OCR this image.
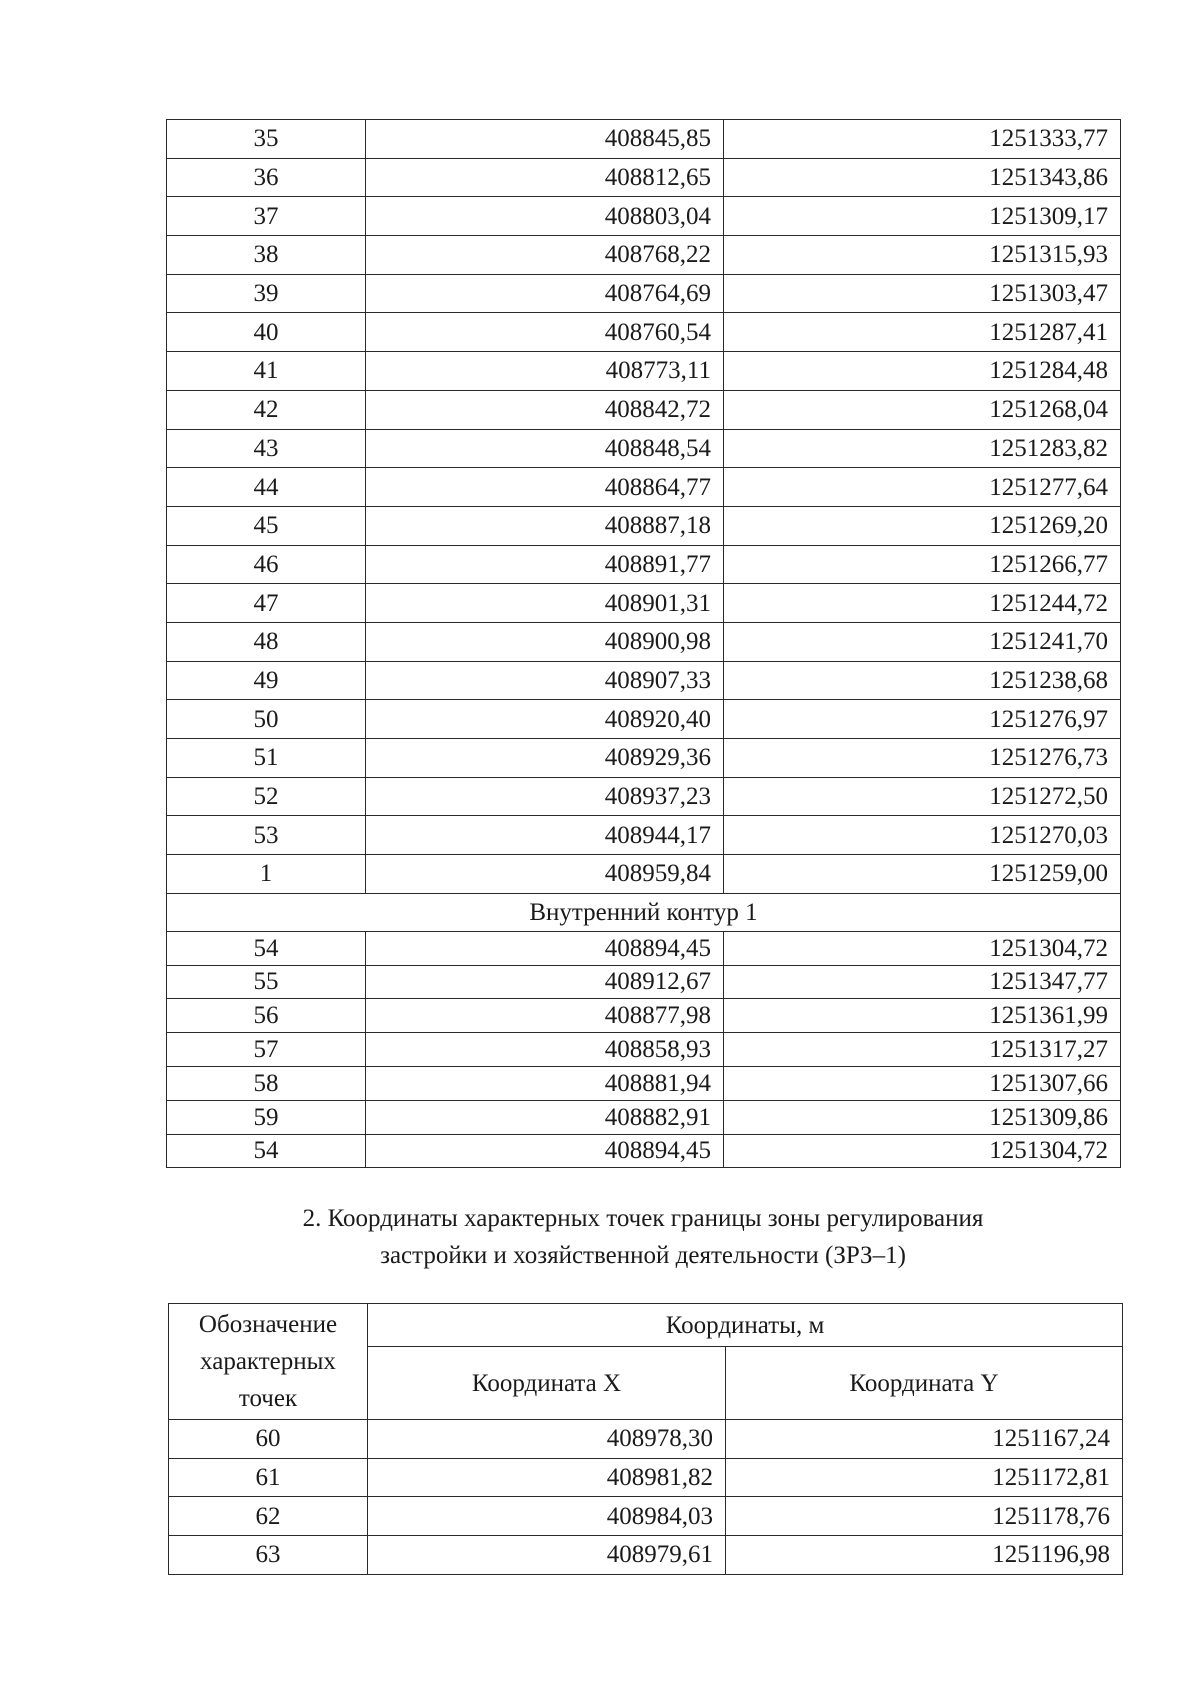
35	408845,85	1251333,77
36	408812,65	1251343,86
37	408803,04	1251309,17
38	408768,22	1251315,93
39	408764,69	1251303,47
40	408760,54	1251287,41
41	408773,11	1251284,48
42	408842,72	1251268,04
43	408848,54	1251283,82
44	408864,77	1251277,64
45	408887,18	1251269,20
46	408891,77	1251266,77
47	408901,31	1251244,72
48	408900,98	1251241,70
49	408907,33	1251238,68
50	408920,40	1251276,97
51	408929,36	1251276,73
52	408937,23	1251272,50
53	408944,17	1251270,03
1	408959,84	1251259,00
Внутренний контур 1		
54	408894,45	1251304,72
55	408912,67	1251347,77
56	408877,98	1251361,99
57	408858,93	1251317,27
58	408881,94	1251307,66
59	408882,91	1251309,86
54	408894,45	1251304,72
2. Координаты характерных точек границы зоны регулирования
застройки и хозяйственной деятельности (ЗРЗ–1)
Обозначение
характерных
точек	Координаты, м	
	Координата X	Координата Y
60	408978,30	1251167,24
61	408981,82	1251172,81
62	408984,03	1251178,76
63	408979,61	1251196,98
